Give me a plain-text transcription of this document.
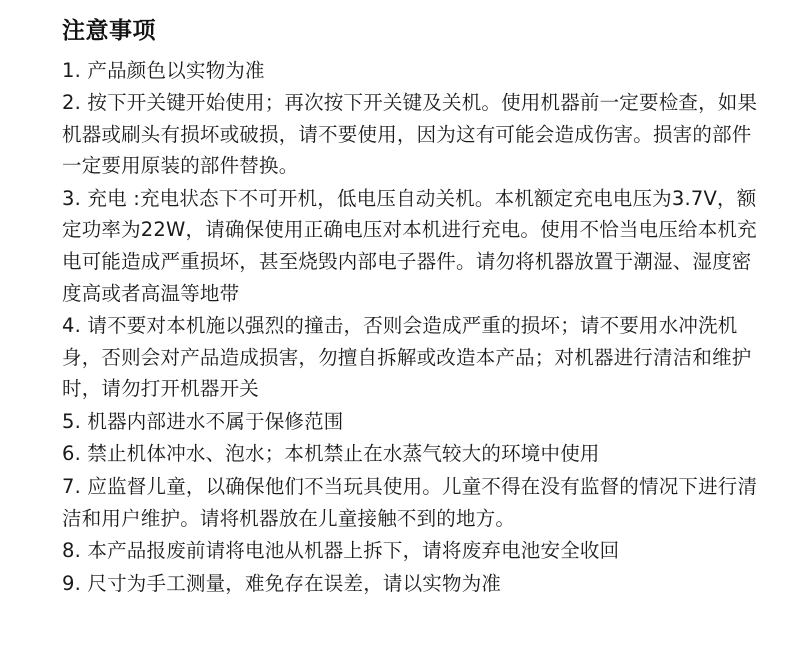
注意事项
1. 产品颜色以实物为准
2. 按下开关键开始使用；再次按下开关键及关机。使用机器前一定要检查，如果机器或刷头有损坏或破损，请不要使用，因为这有可能会造成伤害。损害的部件一定要用原装的部件替换。
3. 充电 :充电状态下不可开机，低电压自动关机。本机额定充电电压为3.7V，额定功率为22W，请确保使用正确电压对本机进行充电。使用不恰当电压给本机充电可能造成严重损坏，甚至烧毁内部电子器件。请勿将机器放置于潮湿、湿度密度高或者高温等地带
4. 请不要对本机施以强烈的撞击，否则会造成严重的损坏；请不要用水冲洗机身，否则会对产品造成损害，勿擅自拆解或改造本产品；对机器进行清洁和维护时，请勿打开机器开关
5. 机器内部进水不属于保修范围
6. 禁止机体冲水、泡水；本机禁止在水蒸气较大的环境中使用
7. 应监督儿童，以确保他们不当玩具使用。儿童不得在没有监督的情况下进行清洁和用户维护。请将机器放在儿童接触不到的地方。
8. 本产品报废前请将电池从机器上拆下，请将废弃电池安全收回
9. 尺寸为手工测量，难免存在误差，请以实物为准
